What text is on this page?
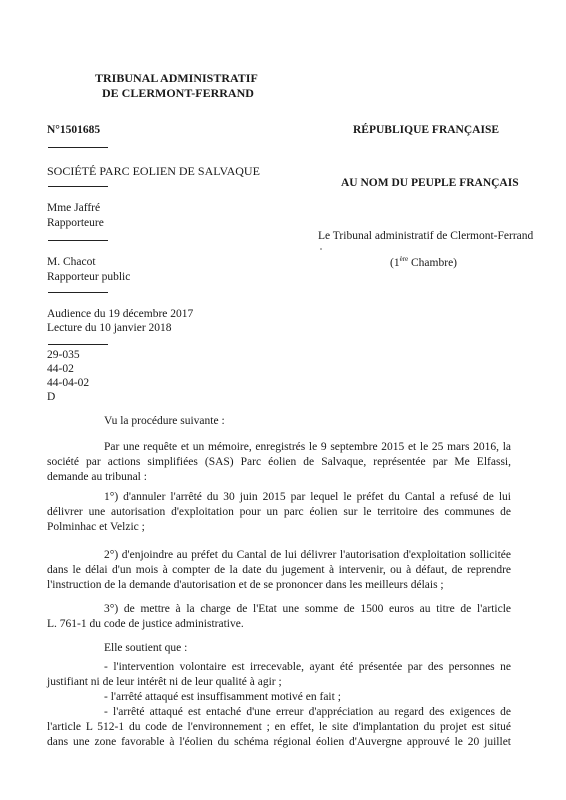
TRIBUNAL ADMINISTRATIF
DE CLERMONT-FERRAND
N°1501685	RÉPUBLIQUE FRANÇAISE
SOCIÉTÉ PARC EOLIEN DE SALVAQUE
AU NOM DU PEUPLE FRANÇAIS
Mme Jaffré
Rapporteure
Le Tribunal administratif de Clermont-Ferrand
(1ère Chambre)
M. Chacot
Rapporteur public
Audience du 19 décembre 2017
Lecture du 10 janvier 2018
29-035
44-02
44-04-02
D
Vu la procédure suivante :
Par une requête et un mémoire, enregistrés le 9 septembre 2015 et le 25 mars 2016, la
société par actions simplifiées (SAS) Parc éolien de Salvaque, représentée par Me Elfassi,
demande au tribunal :
1°) d'annuler l'arrêté du 30 juin 2015 par lequel le préfet du Cantal a refusé de lui
délivrer une autorisation d'exploitation pour un parc éolien sur le territoire des communes de
Polminhac et Velzic ;
2°) d'enjoindre au préfet du Cantal de lui délivrer l'autorisation d'exploitation sollicitée
dans le délai d'un mois à compter de la date du jugement à intervenir, ou à défaut, de reprendre
l'instruction de la demande d'autorisation et de se prononcer dans les meilleurs délais ;
3°) de mettre à la charge de l'Etat une somme de 1500 euros au titre de l'article
L. 761-1 du code de justice administrative.
Elle soutient que :
- l'intervention volontaire est irrecevable, ayant été présentée par des personnes ne
justifiant ni de leur intérêt ni de leur qualité à agir ;
- l'arrêté attaqué est insuffisamment motivé en fait ;
- l'arrêté attaqué est entaché d'une erreur d'appréciation au regard des exigences de
l'article L 512-1 du code de l'environnement ; en effet, le site d'implantation du projet est situé
dans une zone favorable à l'éolien du schéma régional éolien d'Auvergne approuvé le 20 juillet
